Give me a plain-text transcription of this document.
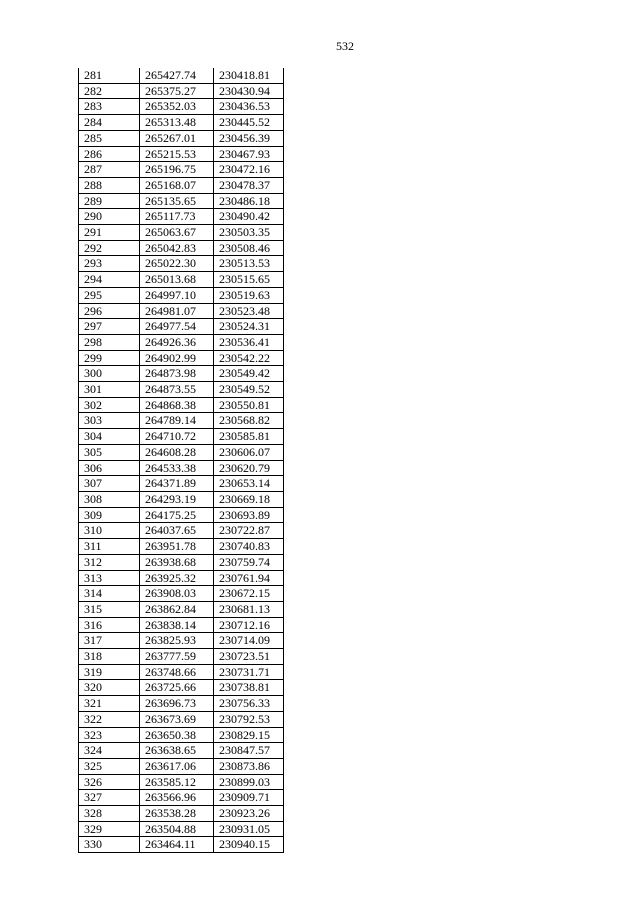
532
281	265427.74	230418.81
282	265375.27	230430.94
283	265352.03	230436.53
284	265313.48	230445.52
285	265267.01	230456.39
286	265215.53	230467.93
287	265196.75	230472.16
288	265168.07	230478.37
289	265135.65	230486.18
290	265117.73	230490.42
291	265063.67	230503.35
292	265042.83	230508.46
293	265022.30	230513.53
294	265013.68	230515.65
295	264997.10	230519.63
296	264981.07	230523.48
297	264977.54	230524.31
298	264926.36	230536.41
299	264902.99	230542.22
300	264873.98	230549.42
301	264873.55	230549.52
302	264868.38	230550.81
303	264789.14	230568.82
304	264710.72	230585.81
305	264608.28	230606.07
306	264533.38	230620.79
307	264371.89	230653.14
308	264293.19	230669.18
309	264175.25	230693.89
310	264037.65	230722.87
311	263951.78	230740.83
312	263938.68	230759.74
313	263925.32	230761.94
314	263908.03	230672.15
315	263862.84	230681.13
316	263838.14	230712.16
317	263825.93	230714.09
318	263777.59	230723.51
319	263748.66	230731.71
320	263725.66	230738.81
321	263696.73	230756.33
322	263673.69	230792.53
323	263650.38	230829.15
324	263638.65	230847.57
325	263617.06	230873.86
326	263585.12	230899.03
327	263566.96	230909.71
328	263538.28	230923.26
329	263504.88	230931.05
330	263464.11	230940.15
